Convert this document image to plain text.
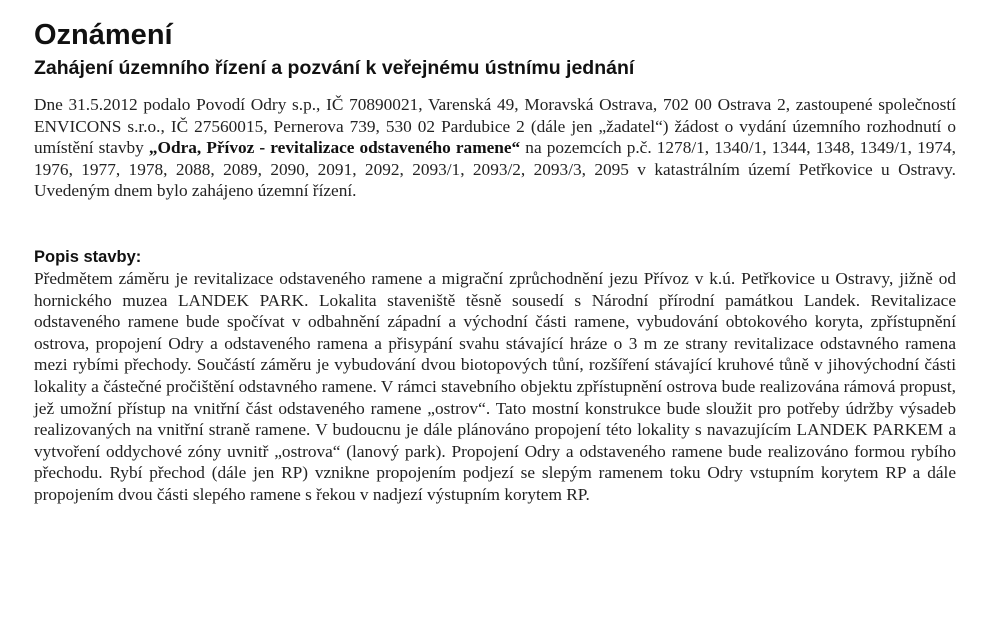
Oznámení
Zahájení územního řízení a pozvání k veřejnému ústnímu jednání

Dne 31.5.2012 podalo Povodí Odry s.p., IČ 70890021, Varenská 49, Moravská Ostrava, 702 00 Ostrava 2, zastoupené společností ENVICONS s.r.o., IČ 27560015, Pernerova 739, 530 02 Pardubice 2 (dále jen „žadatel“) žádost o vydání územního rozhodnutí o umístění stavby „Odra, Přívoz - revitalizace odstaveného ramene“ na pozemcích p.č. 1278/1, 1340/1, 1344, 1348, 1349/1, 1974, 1976, 1977, 1978, 2088, 2089, 2090, 2091, 2092, 2093/1, 2093/2, 2093/3, 2095 v katastrálním území Petřkovice u Ostravy. Uvedeným dnem bylo zahájeno územní řízení.

Popis stavby:

Předmětem záměru je revitalizace odstaveného ramene a migrační zprůchodnění jezu Přívoz v k.ú. Petřkovice u Ostravy, jižně od hornického muzea LANDEK PARK. Lokalita staveniště těsně sousedí s Národní přírodní památkou Landek. Revitalizace odstaveného ramene bude spočívat v odbahnění západní a východní části ramene, vybudování obtokového koryta, zpřístupnění ostrova, propojení Odry a odstaveného ramena a přisypání svahu stávající hráze o 3 m ze strany revitalizace odstavného ramena mezi rybími přechody. Součástí záměru je vybudování dvou biotopových tůní, rozšíření stávající kruhové tůně v jihovýchodní části lokality a částečné pročištění odstavného ramene. V rámci stavebního objektu zpřístupnění ostrova bude realizována rámová propust, jež umožní přístup na vnitřní část odstaveného ramene „ostrov“. Tato mostní konstrukce bude sloužit pro potřeby údržby výsadeb realizovaných na vnitřní straně ramene. V budoucnu je dále plánováno propojení této lokality s navazujícím LANDEK PARKEM a vytvoření oddychové zóny uvnitř „ostrova“ (lanový park). Propojení Odry a odstaveného ramene bude realizováno formou rybího přechodu. Rybí přechod (dále jen RP) vznikne propojením podjezí se slepým ramenem toku Odry vstupním korytem RP a dále propojením dvou části slepého ramene s řekou v nadjezí výstupním korytem RP.
